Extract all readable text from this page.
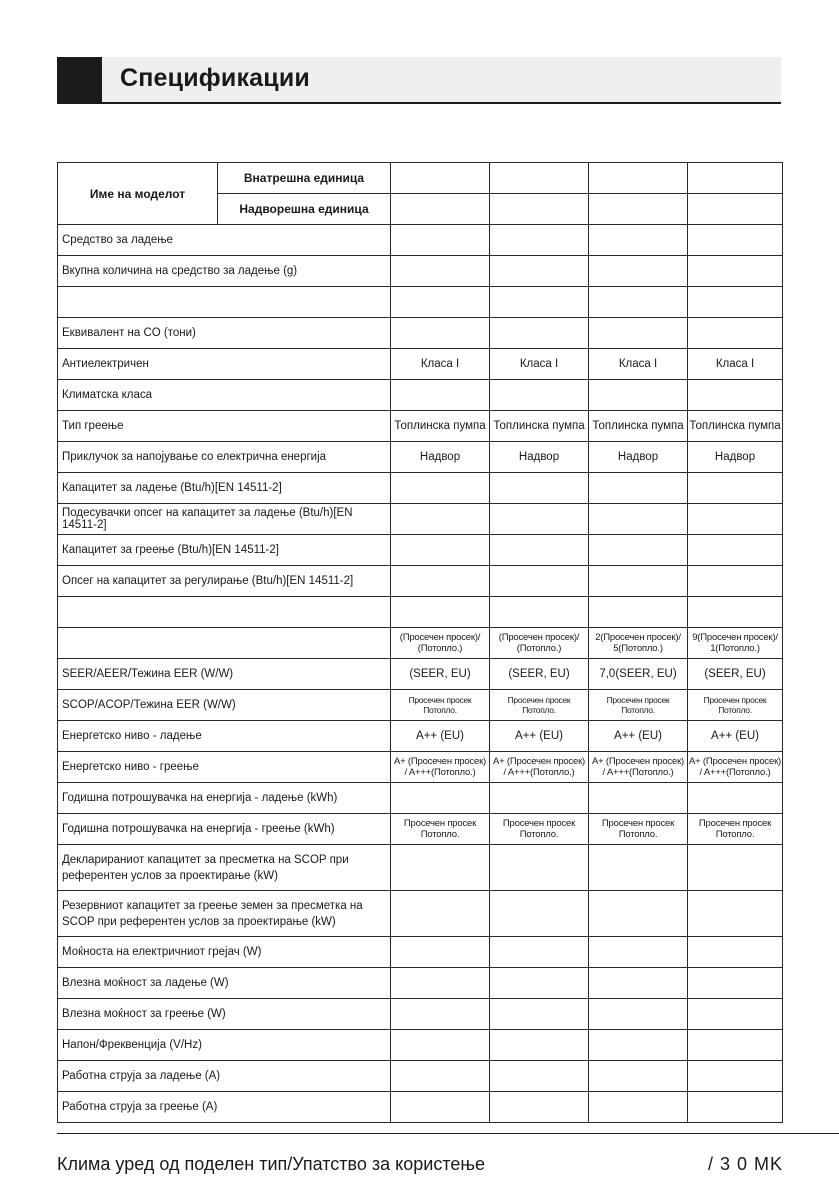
Спецификации
Име на моделот	Внатрешна единица				
	Надворешна единица				
Средство за ладење					
Вкупна количина на средство за ладење (g)					

Еквивалент на CO (тони)					
Антиелектричен		Класа I	Класа I	Класа I	Класа I
Климатска класа					
Тип греење		Топлинска пумпа	Топлинска пумпа	Топлинска пумпа	Топлинска пумпа
Приклучок за напојување со електрична енергија		Надвор	Надвор	Надвор	Надвор
Капацитет за ладење (Btu/h)[EN 14511-2]					
Подесувачки опсег на капацитет за ладење (Btu/h)[EN 14511-2]					
Капацитет за греење (Btu/h)[EN 14511-2]					
Опсег на капацитет за регулирање (Btu/h)[EN 14511-2]					

		(Просечен просек)/ (Потопло.)	(Просечен просек)/ (Потопло.)	2(Просечен просек)/ 5(Потопло.)	9(Просечен просек)/ 1(Потопло.)
SEER/AEER/Тежина EER (W/W)		(SEER, EU)	(SEER, EU)	7,0(SEER, EU)	(SEER, EU)
SCOP/ACOP/Тежина EER (W/W)		Просечен просек Потопло.	Просечен просек Потопло.	Просечен просек Потопло.	Просечен просек Потопло.
Енергетско ниво - ладење		A++ (EU)	A++ (EU)	A++ (EU)	A++ (EU)
Енергетско ниво - греење		A+ (Просечен просек) / A+++(Потопло.)	A+ (Просечен просек) / A+++(Потопло.)	A+ (Просечен просек) / A+++(Потопло.)	A+ (Просечен просек) / A+++(Потопло.)
Годишна потрошувачка на енергија - ладење (kWh)					
Годишна потрошувачка на енергија - греење (kWh)		Просечен просек Потопло.	Просечен просек Потопло.	Просечен просек Потопло.	Просечен просек Потопло.
Декларираниот капацитет за пресметка на SCOP при референтен услов за проектирање (kW)					
Резервниот капацитет за греење земен за пресметка на SCOP при референтен услов за проектирање (kW)					
Моќноста на електричниот грејач (W)					
Влезна моќност за ладење (W)					
Влезна моќност за греење (W)					
Напон/Фреквенција (V/Hz)					
Работна струја за ладење (A)					
Работна струја за греење (A)					
Клима уред од поделен тип/Упатство за користење	/ 3 0 MK
